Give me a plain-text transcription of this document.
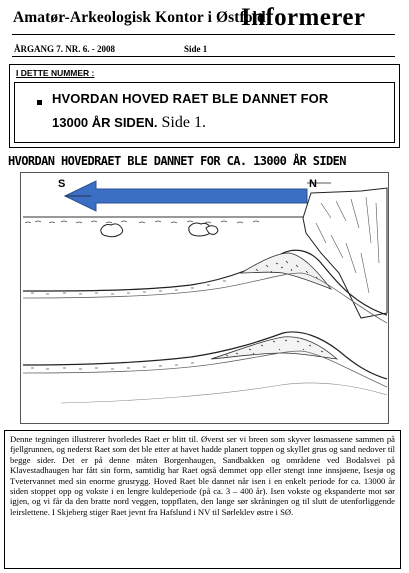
Amatør-Arkeologisk Kontor i Østfold
Informerer
ÅRGANG 7. NR. 6. - 2008	Side 1
I DETTE NUMMER :
HVORDAN HOVED RAET BLE DANNET FOR
13000 ÅR SIDEN. Side 1.
HVORDAN HOVEDRAET BLE DANNET FOR CA. 13000 ÅR SIDEN
S	N
Denne tegningen illustrerer hvorledes Raet er blitt til. Øverst ser vi breen som skyver løsmassene sammen på fjellgrunnen, og nederst Raet som det ble etter at havet hadde planert toppen og skyllet grus og sand nedover til begge sider. Det er på denne måten Borgenhaugen, Sandbakken og områdene ved Bodalsvei på Klavestadhaugen har fått sin form, samtidig har Raet også demmet opp eller stengt inne innsjøene, Isesjø og Tvetervannet med sin enorme grusrygg. Hoved Raet ble dannet når isen i en enkelt periode for ca. 13000 år siden stoppet opp og vokste i en lengre kuldeperiode (på ca. 3 – 400 år). Isen vokste og ekspanderte mot sør igjen, og vi får da den bratte nord veggen, toppflaten, den lange sør skråningen og til slutt de utenforliggende leirslettene. I Skjeberg stiger Raet jevnt fra Hafslund i NV til Sørleklev østre i SØ.
